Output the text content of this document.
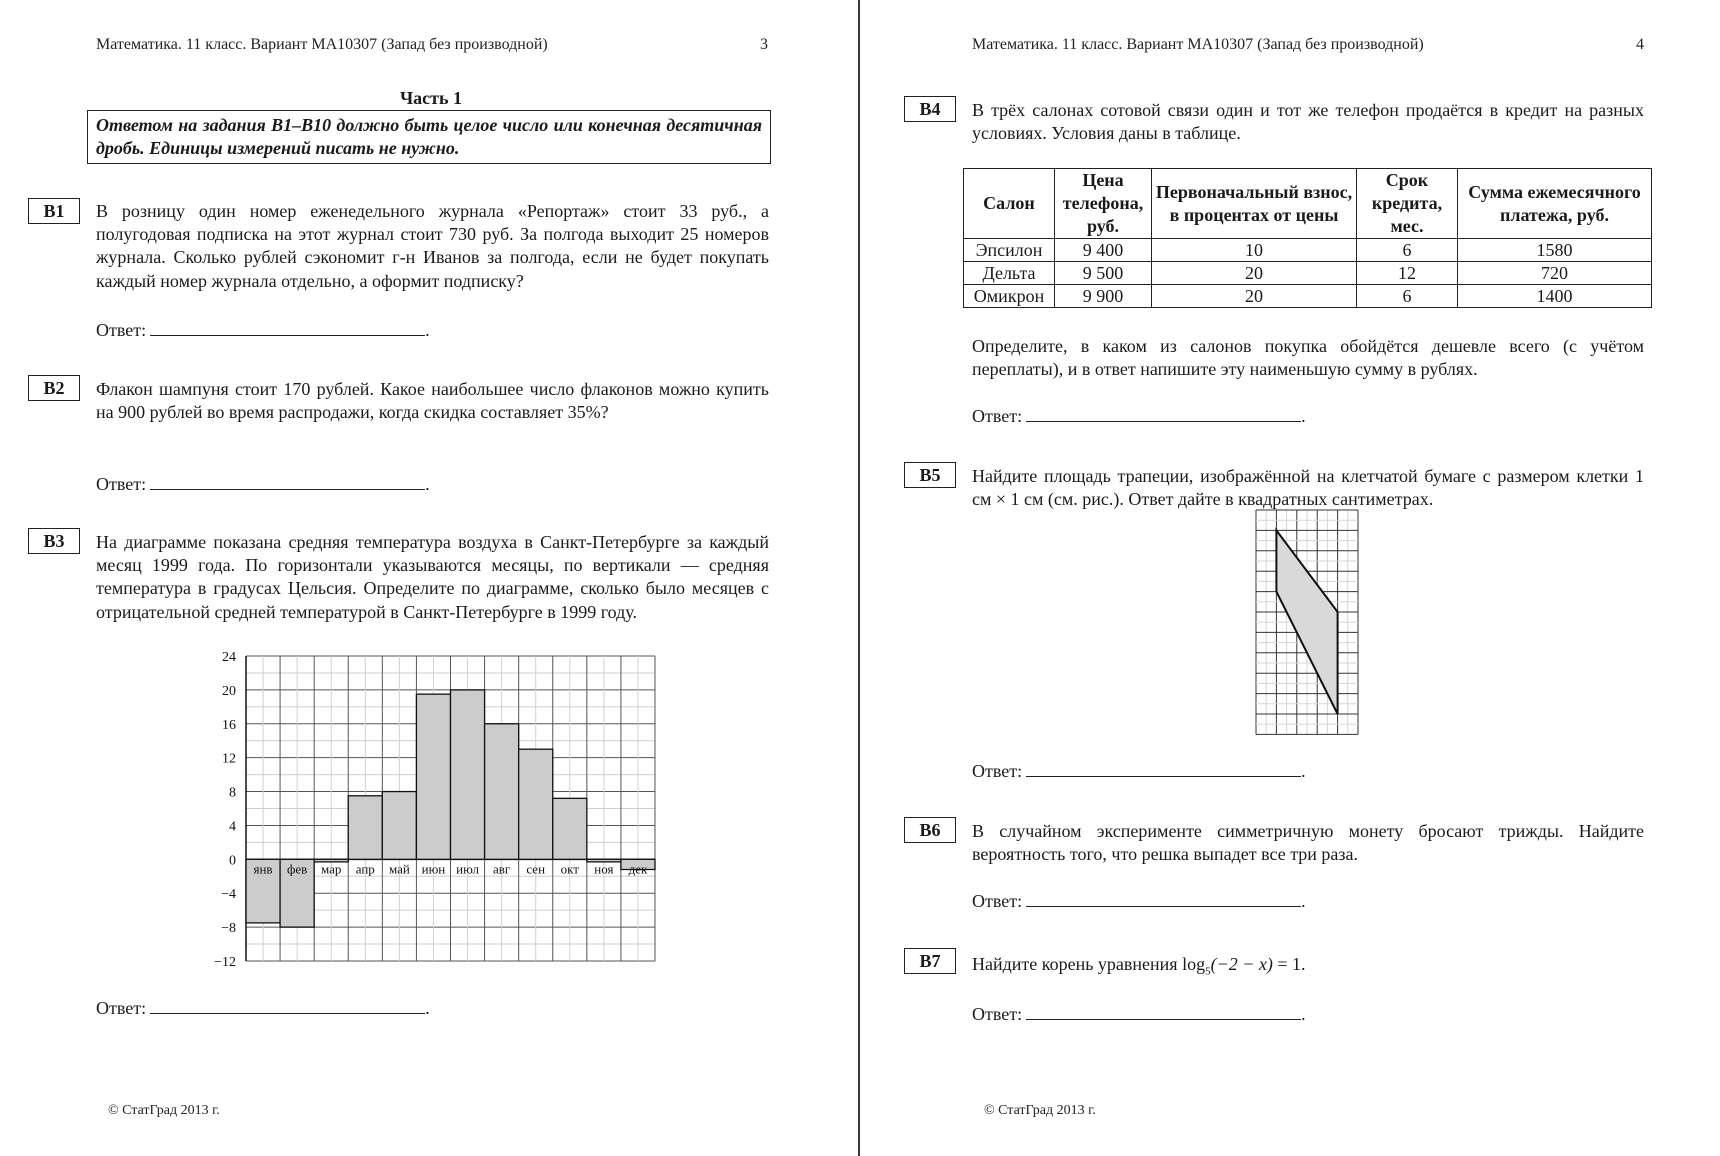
Математика. 11 класс. Вариант МА10307 (Запад без производной)	3
Часть 1
Ответом на задания B1–B10 должно быть целое число или конечная десятичная дробь. Единицы измерений писать не нужно.
B1	В розницу один номер еженедельного журнала «Репортаж» стоит 33 руб., а полугодовая подписка на этот журнал стоит 730 руб. За полгода выходит 25 номеров журнала. Сколько рублей сэкономит г-н Иванов за полгода, если не будет покупать каждый номер журнала отдельно, а оформит подписку?
Ответ:	.
B2	Флакон шампуня стоит 170 рублей. Какое наибольшее число флаконов можно купить на 900 рублей во время распродажи, когда скидка составляет 35%?
Ответ:	.
B3	На диаграмме показана средняя температура воздуха в Санкт-Петербурге за каждый месяц 1999 года. По горизонтали указываются месяцы, по вертикали — средняя температура в градусах Цельсия. Определите по диаграмме, сколько было месяцев с отрицательной средней температурой в Санкт-Петербурге в 1999 году.
янв фев мар апр май июн июл авг сен окт ноя дек
24
20
16
12
8
4
0
−4
−8
−12
Ответ:	.
© СтатГрад 2013 г.
Математика. 11 класс. Вариант МА10307 (Запад без производной)	4
B4	В трёх салонах сотовой связи один и тот же телефон продаётся в кредит на разных условиях. Условия даны в таблице.
Салон	Цена телефона, руб.	Первоначальный взнос, в процентах от цены	Срок кредита, мес.	Сумма ежемесячного платежа, руб.
Эпсилон	9 400	10	6	1580
Дельта	9 500	20	12	720
Омикрон	9 900	20	6	1400
Определите, в каком из салонов покупка обойдётся дешевле всего (с учётом переплаты), и в ответ напишите эту наименьшую сумму в рублях.
Ответ:	.
B5	Найдите площадь трапеции, изображённой на клетчатой бумаге с размером клетки 1 см × 1 см (см. рис.). Ответ дайте в квадратных сантиметрах.
Ответ:	.
B6	В случайном эксперименте симметричную монету бросают трижды. Найдите вероятность того, что решка выпадет все три раза.
Ответ:	.
B7	Найдите корень уравнения $\log_5(-2 - x) = 1$.
Ответ:	.
© СтатГрад 2013 г.
